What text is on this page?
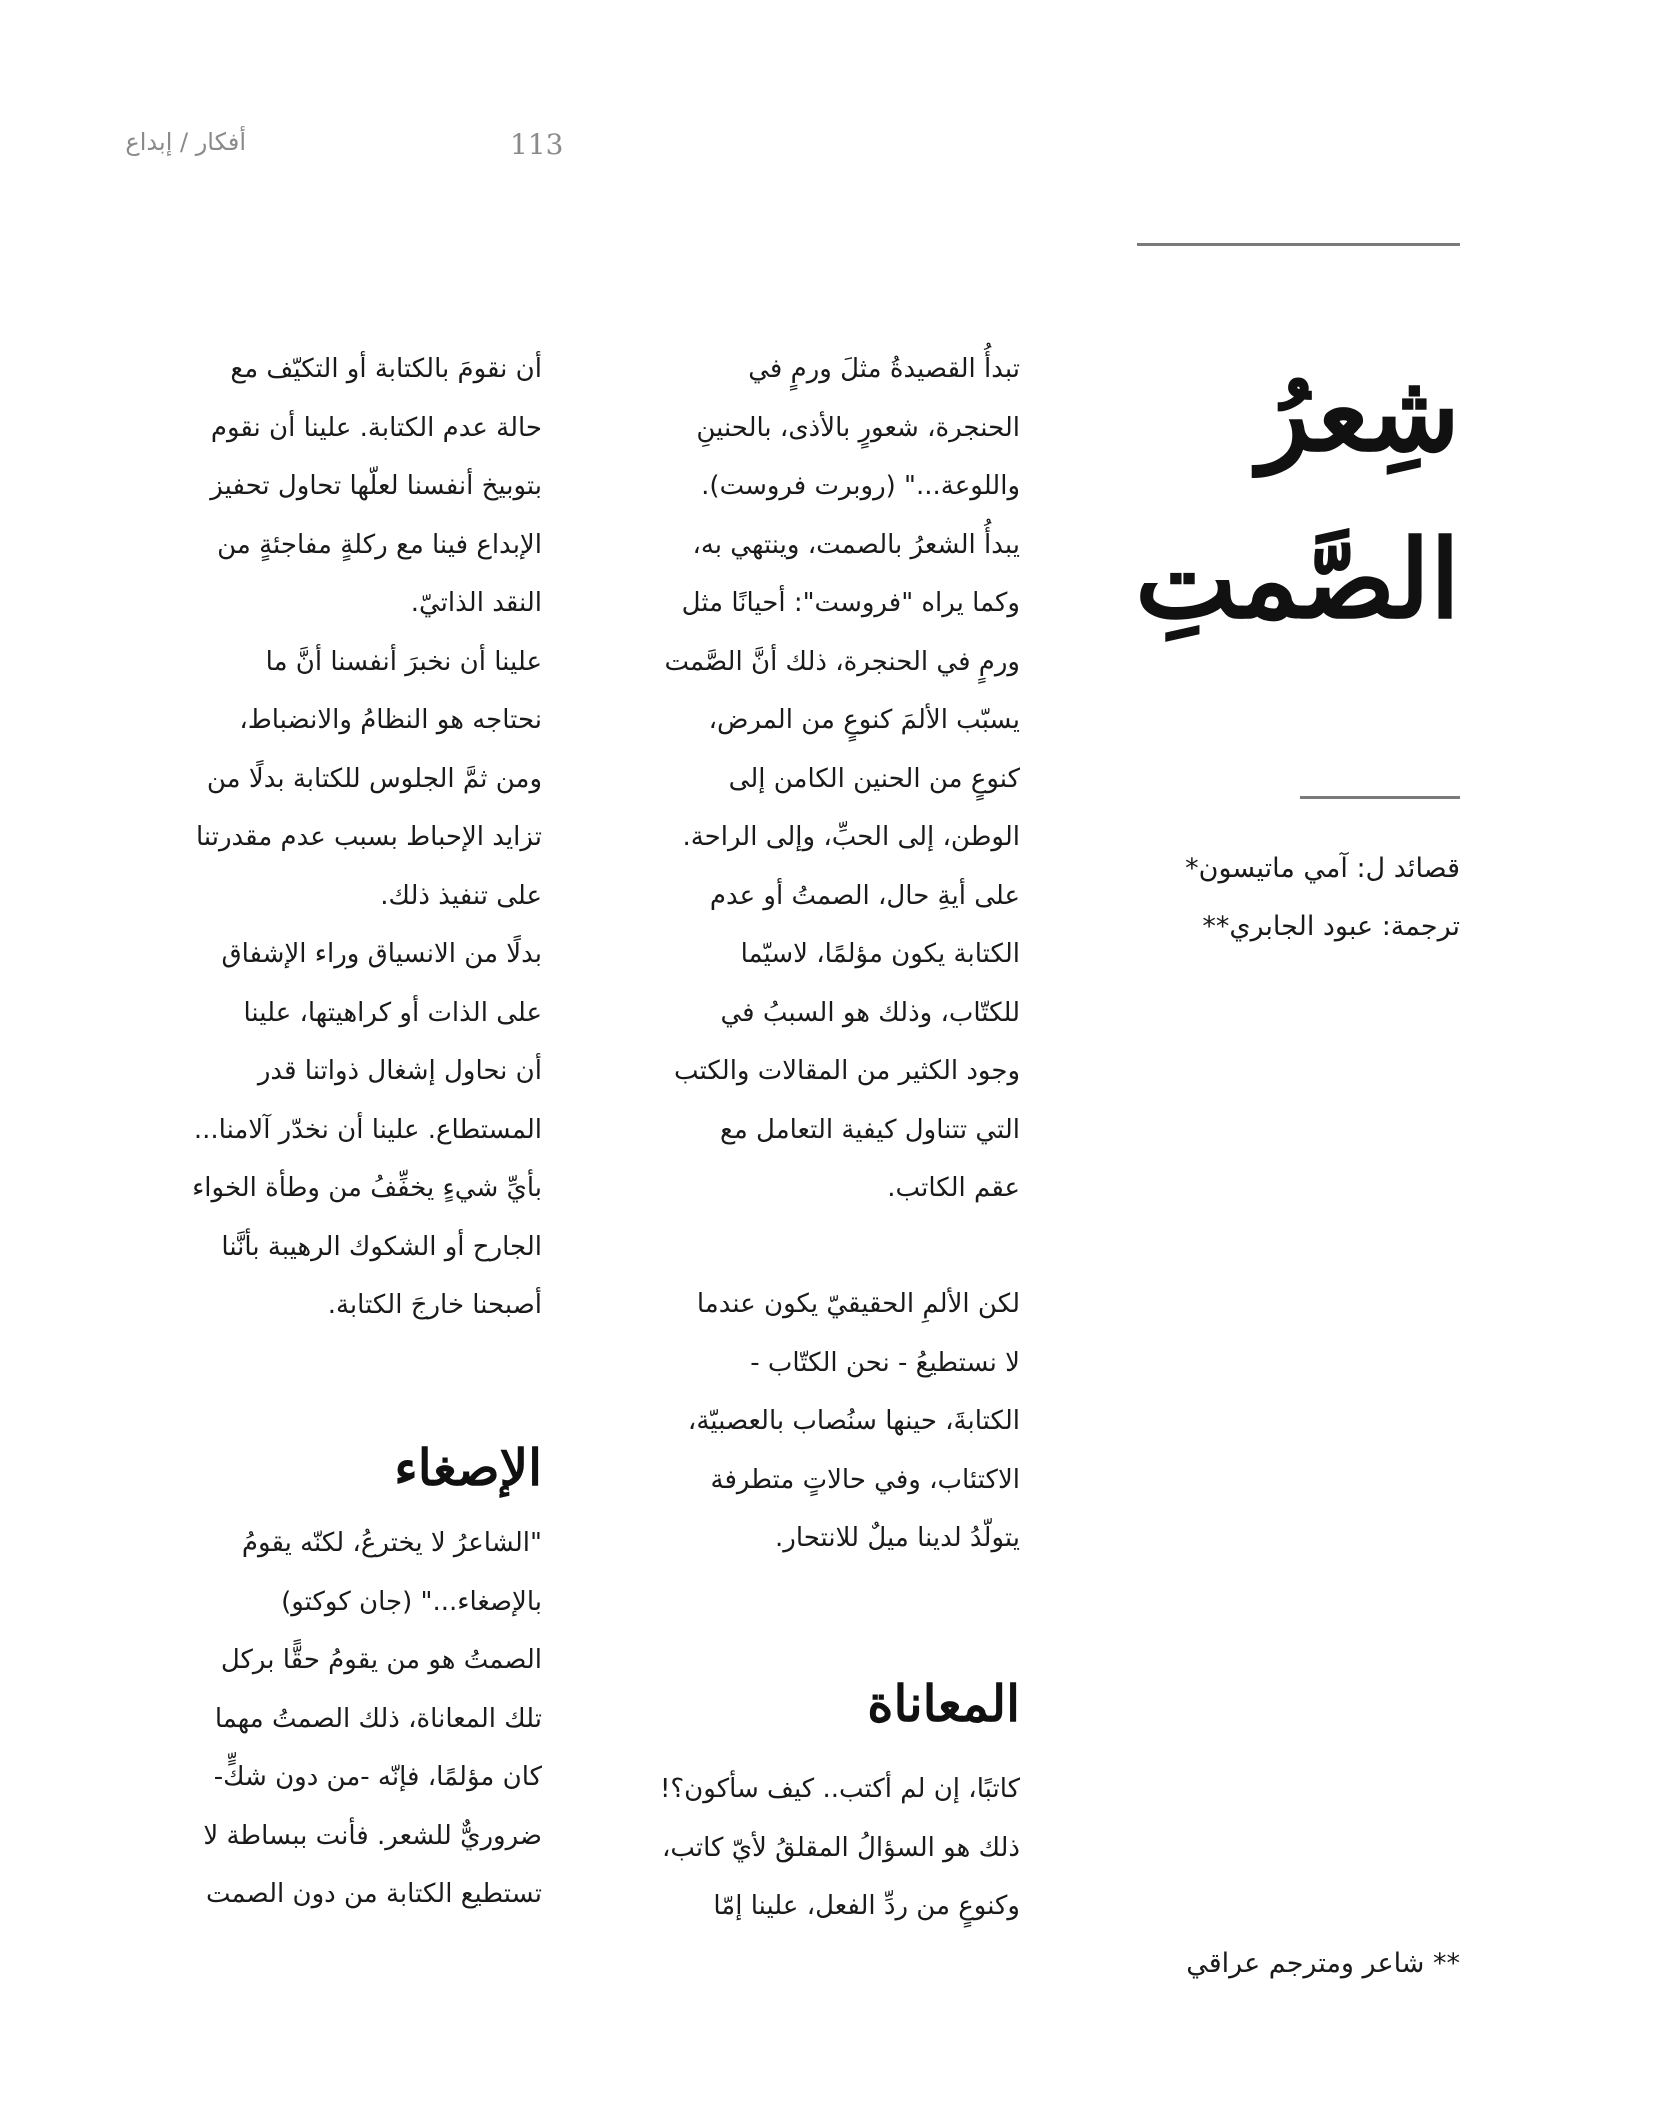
113
أفكار / إبداع
شِعرُ
الصَّمتِ
قصائد ل: آمي ماتيسون*
ترجمة: عبود الجابري**

تبدأُ القصيدةُ مثلَ ورمٍ في

الحنجرة، شعورٍ بالأذى، بالحنينِ

واللوعة..." (روبرت فروست).

يبدأُ الشعرُ بالصمت، وينتهي به،

وكما يراه "فروست": أحيانًا مثل

ورمٍ في الحنجرة، ذلك أنَّ الصَّمت

يسبّب الألمَ كنوعٍ من المرض،

كنوعٍ من الحنين الكامن إلى

الوطن، إلى الحبِّ، وإلى الراحة.

على أيةِ حال، الصمتُ أو عدم

الكتابة يكون مؤلمًا، لاسيّما

للكتّاب، وذلك هو السببُ في

وجود الكثير من المقالات والكتب

التي تتناول كيفية التعامل مع

عقم الكاتب.

لكن الألمِ الحقيقيّ يكون عندما

لا نستطيعُ - نحن الكتّاب -

الكتابةَ، حينها سنُصاب بالعصبيّة،

الاكتئاب، وفي حالاتٍ متطرفة

يتولّدُ لدينا ميلٌ للانتحار.

المعاناة

كاتبًا، إن لم أكتب.. كيف سأكون؟!

ذلك هو السؤالُ المقلقُ لأيّ كاتب،

وكنوعٍ من ردِّ الفعل، علينا إمّا

أن نقومَ بالكتابة أو التكيّف مع

حالة عدم الكتابة. علينا أن نقوم

بتوبيخ أنفسنا لعلّها تحاول تحفيز

الإبداع فينا مع ركلةٍ مفاجئةٍ من

النقد الذاتيّ.

علينا أن نخبرَ أنفسنا أنَّ ما

نحتاجه هو النظامُ والانضباط،

ومن ثمَّ الجلوس للكتابة بدلًا من

تزايد الإحباط بسبب عدم مقدرتنا

على تنفيذ ذلك.

بدلًا من الانسياق وراء الإشفاق

على الذات أو كراهيتها، علينا

أن نحاول إشغال ذواتنا قدر

المستطاع. علينا أن نخدّر آلامنا...

بأيِّ شيءٍ يخفِّفُ من وطأة الخواء

الجارح أو الشكوك الرهيبة بأنَّنا

أصبحنا خارجَ الكتابة.

الإصغاء

"الشاعرُ لا يخترعُ، لكنّه يقومُ

بالإصغاء..." (جان كوكتو)

الصمتُ هو من يقومُ حقًّا بركل

تلك المعاناة، ذلك الصمتُ مهما

كان مؤلمًا، فإنّه -من دون شكٍّ-

ضروريٌّ للشعر. فأنت ببساطة لا

تستطيع الكتابة من دون الصمت

** شاعر ومترجم عراقي
